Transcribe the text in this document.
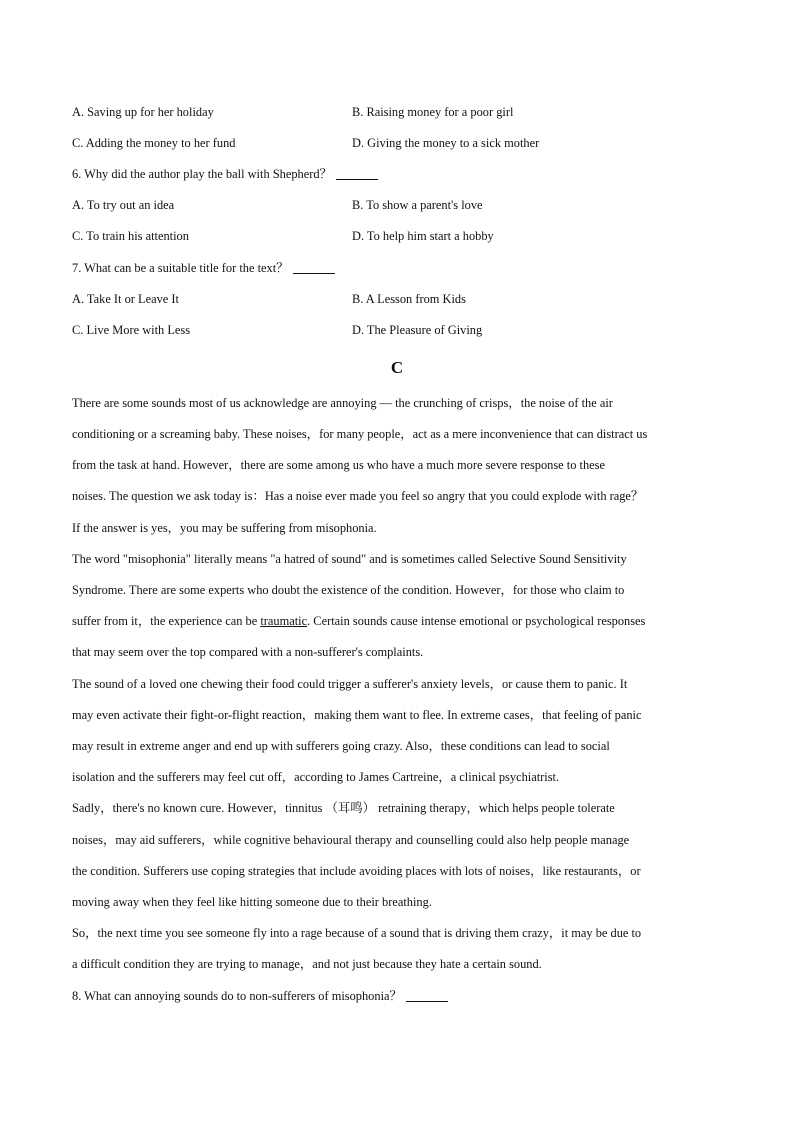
A. Saving up for her holiday	B. Raising money for a poor girl
C. Adding the money to her fund	D. Giving the money to a sick mother
6. Why did the author play the ball with Shepherd？
A. To try out an idea	B. To show a parent's love
C. To train his attention	D. To help him start a hobby
7. What can be a suitable title for the text？
A. Take It or Leave It	B. A Lesson from Kids
C. Live More with Less	D. The Pleasure of Giving
C
There are some sounds most of us acknowledge are annoying — the crunching of crisps，the noise of the air
conditioning or a screaming baby. These noises，for many people，act as a mere inconvenience that can distract us
from the task at hand. However，there are some among us who have a much more severe response to these
noises. The question we ask today is：Has a noise ever made you feel so angry that you could explode with rage？
If the answer is yes，you may be suffering from misophonia.
The word "misophonia" literally means "a hatred of sound" and is sometimes called Selective Sound Sensitivity
Syndrome. There are some experts who doubt the existence of the condition. However，for those who claim to
suffer from it，the experience can be traumatic. Certain sounds cause intense emotional or psychological responses
that may seem over the top compared with a non-sufferer's complaints.
The sound of a loved one chewing their food could trigger a sufferer's anxiety levels，or cause them to panic. It
may even activate their fight-or-flight reaction，making them want to flee. In extreme cases，that feeling of panic
may result in extreme anger and end up with sufferers going crazy. Also，these conditions can lead to social
isolation and the sufferers may feel cut off，according to James Cartreine，a clinical psychiatrist.
Sadly，there's no known cure. However，tinnitus （耳鸣） retraining therapy，which helps people tolerate
noises，may aid sufferers，while cognitive behavioural therapy and counselling could also help people manage
the condition. Sufferers use coping strategies that include avoiding places with lots of noises，like restaurants，or
moving away when they feel like hitting someone due to their breathing.
So，the next time you see someone fly into a rage because of a sound that is driving them crazy，it may be due to
a difficult condition they are trying to manage，and not just because they hate a certain sound.
8. What can annoying sounds do to non-sufferers of misophonia？
